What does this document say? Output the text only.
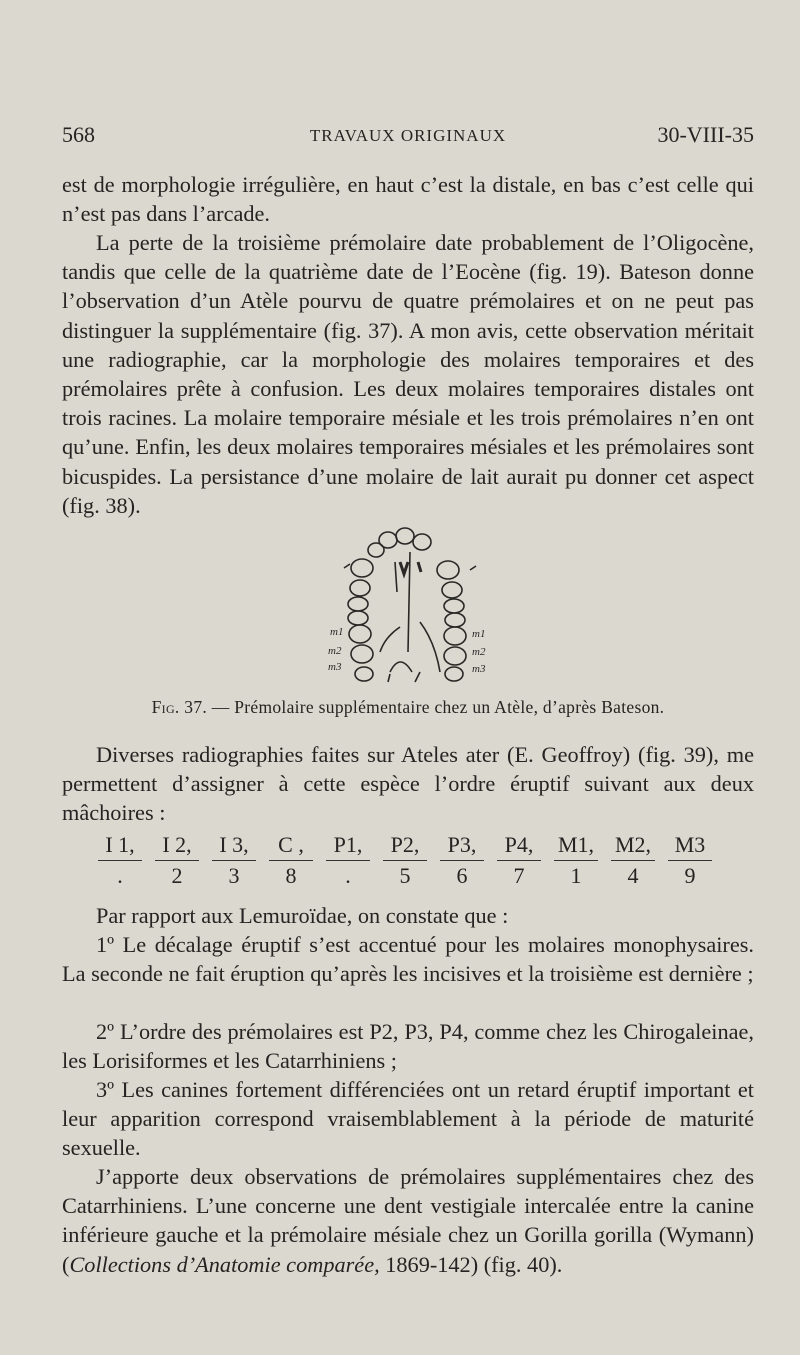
568	TRAVAUX ORIGINAUX	30-VIII-35

est de morphologie irrégulière, en haut c’est la distale, en bas c’est celle qui n’est pas dans l’arcade.

La perte de la troisième prémolaire date probablement de l’Oligocène, tandis que celle de la quatrième date de l’Eocène (fig. 19). Bateson donne l’observation d’un Atèle pourvu de quatre prémolaires et on ne peut pas distinguer la supplémentaire (fig. 37). A mon avis, cette observation méritait une radiographie, car la morphologie des molaires temporaires et des prémolaires prête à confusion. Les deux molaires temporaires distales ont trois racines. La molaire temporaire mésiale et les trois prémolaires n’en ont qu’une. Enfin, les deux molaires temporaires mésiales et les prémolaires sont bicuspides. La persistance d’une molaire de lait aurait pu donner cet aspect (fig. 38).

m1
m2
m3
m1
m2
m3
Fig. 37. — Prémolaire supplémentaire chez un Atèle, d’après Bateson.

Diverses radiographies faites sur Ateles ater (E. Geoffroy) (fig. 39), me permettent d’assigner à cette espèce l’ordre éruptif suivant aux deux mâchoires :

I 1,
.
I 2,
2
I 3,
3
C ,
8
P1,
.
P2,
5
P3,
6
P4,
7
M1,
1
M2,
4
M3
9

Par rapport aux Lemuroïdae, on constate que :

1º Le décalage éruptif s’est accentué pour les molaires monophysaires. La seconde ne fait éruption qu’après les incisives et la troisième est dernière ;

2º L’ordre des prémolaires est P2, P3, P4, comme chez les Chirogaleinae, les Lorisiformes et les Catarrhiniens ;

3º Les canines fortement différenciées ont un retard éruptif important et leur apparition correspond vraisemblablement à la période de maturité sexuelle.

J’apporte deux observations de prémolaires supplémentaires chez des Catarrhiniens. L’une concerne une dent vestigiale intercalée entre la canine inférieure gauche et la prémolaire mésiale chez un Gorilla gorilla (Wymann) (Collections d’Anatomie comparée, 1869-142) (fig. 40).
